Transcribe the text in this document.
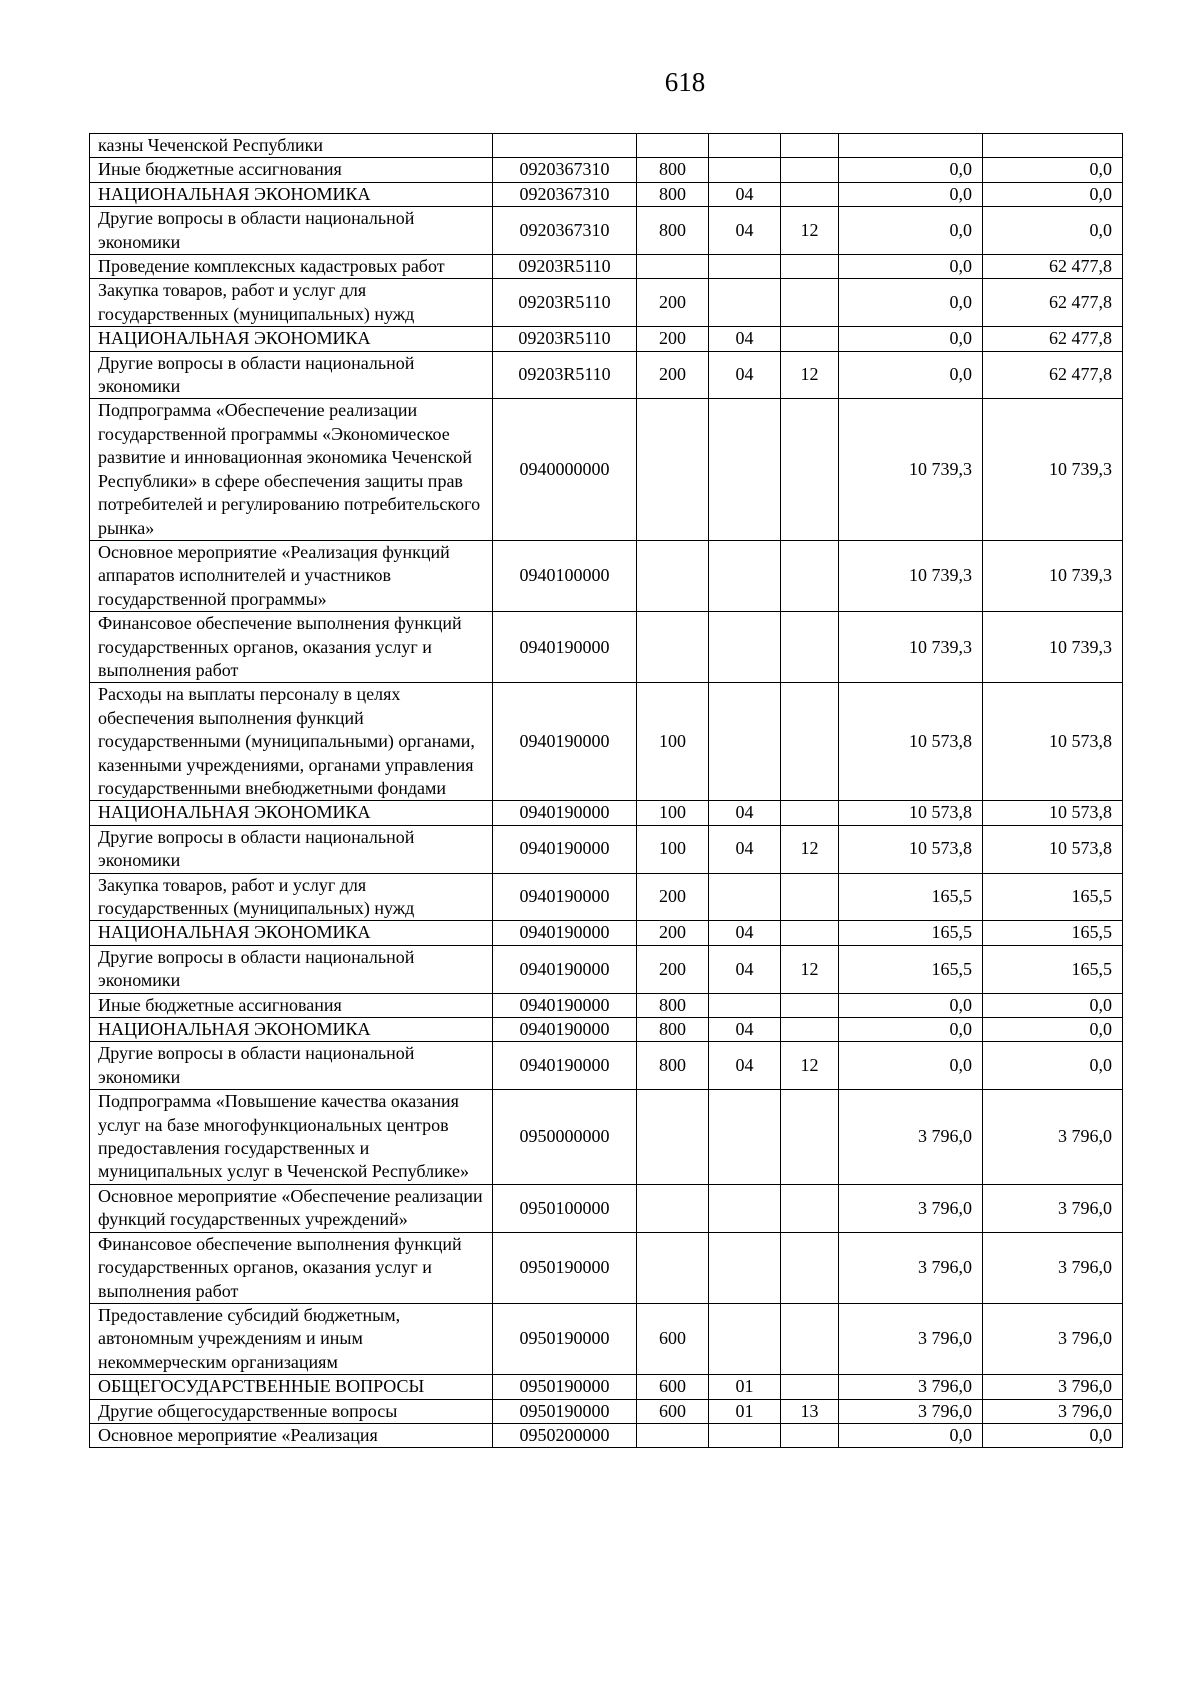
618
казны Чеченской Республики						
Иные бюджетные ассигнования	0920367310	800			0,0	0,0
НАЦИОНАЛЬНАЯ ЭКОНОМИКА	0920367310	800	04		0,0	0,0
Другие вопросы в области национальной экономики	0920367310	800	04	12	0,0	0,0
Проведение комплексных кадастровых работ	09203R5110				0,0	62 477,8
Закупка товаров, работ и услуг для государственных (муниципальных) нужд	09203R5110	200			0,0	62 477,8
НАЦИОНАЛЬНАЯ ЭКОНОМИКА	09203R5110	200	04		0,0	62 477,8
Другие вопросы в области национальной экономики	09203R5110	200	04	12	0,0	62 477,8
Подпрограмма «Обеспечение реализации государственной программы «Экономическое развитие и инновационная экономика Чеченской Республики» в сфере обеспечения защиты прав потребителей и регулированию потребительского рынка»	0940000000				10 739,3	10 739,3
Основное мероприятие «Реализация функций аппаратов исполнителей и участников государственной программы»	0940100000				10 739,3	10 739,3
Финансовое обеспечение выполнения функций государственных органов, оказания услуг и выполнения работ	0940190000				10 739,3	10 739,3
Расходы на выплаты персоналу в целях обеспечения выполнения функций государственными (муниципальными) органами, казенными учреждениями, органами управления государственными внебюджетными фондами	0940190000	100			10 573,8	10 573,8
НАЦИОНАЛЬНАЯ ЭКОНОМИКА	0940190000	100	04		10 573,8	10 573,8
Другие вопросы в области национальной экономики	0940190000	100	04	12	10 573,8	10 573,8
Закупка товаров, работ и услуг для государственных (муниципальных) нужд	0940190000	200			165,5	165,5
НАЦИОНАЛЬНАЯ ЭКОНОМИКА	0940190000	200	04		165,5	165,5
Другие вопросы в области национальной экономики	0940190000	200	04	12	165,5	165,5
Иные бюджетные ассигнования	0940190000	800			0,0	0,0
НАЦИОНАЛЬНАЯ ЭКОНОМИКА	0940190000	800	04		0,0	0,0
Другие вопросы в области национальной экономики	0940190000	800	04	12	0,0	0,0
Подпрограмма «Повышение качества оказания услуг на базе многофункциональных центров предоставления государственных и муниципальных услуг в Чеченской Республике»	0950000000				3 796,0	3 796,0
Основное мероприятие «Обеспечение реализации функций государственных учреждений»	0950100000				3 796,0	3 796,0
Финансовое обеспечение выполнения функций государственных органов, оказания услуг и выполнения работ	0950190000				3 796,0	3 796,0
Предоставление субсидий бюджетным, автономным учреждениям и иным некоммерческим организациям	0950190000	600			3 796,0	3 796,0
ОБЩЕГОСУДАРСТВЕННЫЕ ВОПРОСЫ	0950190000	600	01		3 796,0	3 796,0
Другие общегосударственные вопросы	0950190000	600	01	13	3 796,0	3 796,0
Основное мероприятие «Реализация	0950200000				0,0	0,0
